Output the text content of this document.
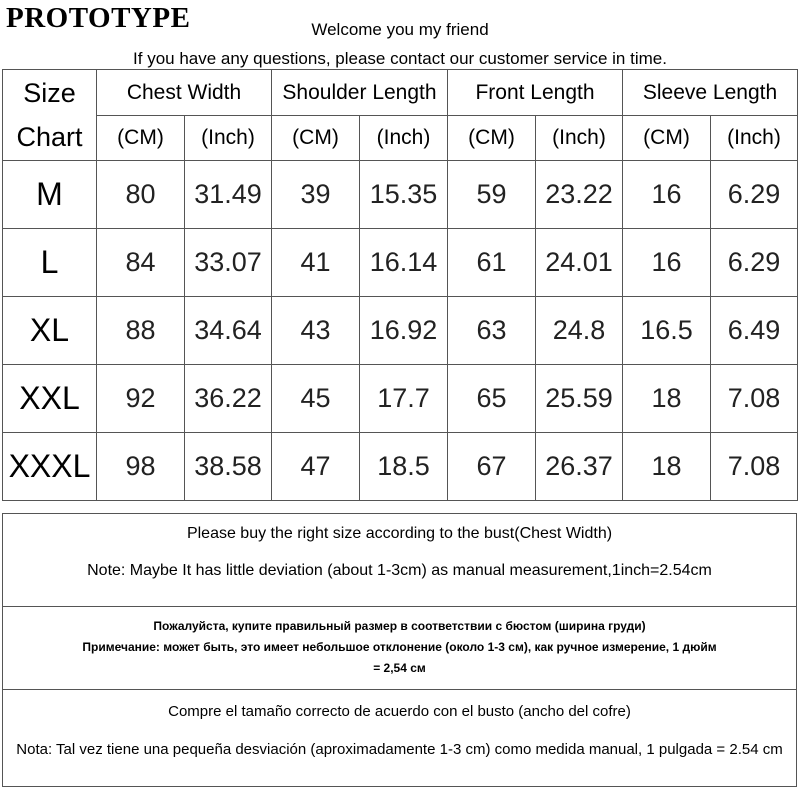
PROTOTYPE	Welcome you my friend
If you have any questions, please contact our customer service in time.
Size
Chart	Chest Width		Shoulder Length		Front Length		Sleeve Length	
	(CM)	(Inch)	(CM)	(Inch)	(CM)	(Inch)	(CM)	(Inch)
M	80	31.49	39	15.35	59	23.22	16	6.29
L	84	33.07	41	16.14	61	24.01	16	6.29
XL	88	34.64	43	16.92	63	24.8	16.5	6.49
XXL	92	36.22	45	17.7	65	25.59	18	7.08
XXXL	98	38.58	47	18.5	67	26.37	18	7.08
Please buy the right size according to the bust(Chest Width)
Note: Maybe It has little deviation (about 1-3cm) as manual measurement,1inch=2.54cm
Пожалуйста, купите правильный размер в соответствии с бюстом (ширина груди)
Примечание: может быть, это имеет небольшое отклонение (около 1-3 см), как ручное измерение, 1 дюйм
= 2,54 см
Compre el tamaño correcto de acuerdo con el busto (ancho del cofre)
Nota: Tal vez tiene una pequeña desviación (aproximadamente 1-3 cm) como medida manual, 1 pulgada = 2.54 cm
